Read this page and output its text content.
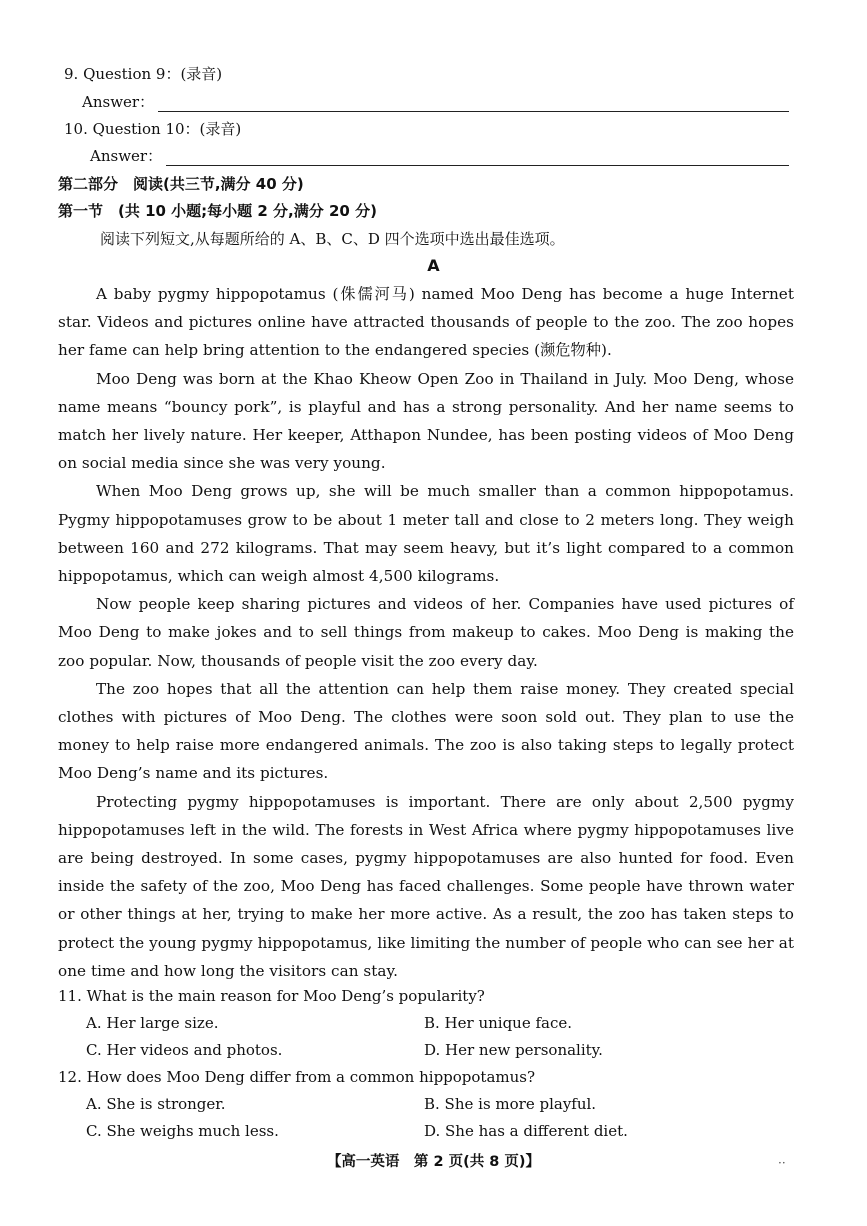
9. Question 9：(录音)
Answer：
10. Question 10：(录音)
Answer：
第二部分　阅读(共三节,满分 40 分)
第一节　(共 10 小题;每小题 2 分,满分 20 分)
阅读下列短文,从每题所给的 A、B、C、D 四个选项中选出最佳选项。
A

A baby pygmy hippopotamus (侏儒河马) named Moo Deng has become a huge Internet star. Videos and pictures online have attracted thousands of people to the zoo. The zoo hopes her fame can help bring attention to the endangered species (濒危物种).

Moo Deng was born at the Khao Kheow Open Zoo in Thailand in July. Moo Deng, whose name means “bouncy pork”, is playful and has a strong personality. And her name seems to match her lively nature. Her keeper, Atthapon Nundee, has been posting videos of Moo Deng on social media since she was very young.

When Moo Deng grows up, she will be much smaller than a common hippopotamus. Pygmy hippopotamuses grow to be about 1 meter tall and close to 2 meters long. They weigh between 160 and 272 kilograms. That may seem heavy, but it’s light compared to a common hippopotamus, which can weigh almost 4,500 kilograms.

Now people keep sharing pictures and videos of her. Companies have used pictures of Moo Deng to make jokes and to sell things from makeup to cakes. Moo Deng is making the zoo popular. Now, thousands of people visit the zoo every day.

The zoo hopes that all the attention can help them raise money. They created special clothes with pictures of Moo Deng. The clothes were soon sold out. They plan to use the money to help raise more endangered animals. The zoo is also taking steps to legally protect Moo Deng’s name and its pictures.

Protecting pygmy hippopotamuses is important. There are only about 2,500 pygmy hippopotamuses left in the wild. The forests in West Africa where pygmy hippopotamuses live are being destroyed. In some cases, pygmy hippopotamuses are also hunted for food. Even inside the safety of the zoo, Moo Deng has faced challenges. Some people have thrown water or other things at her, trying to make her more active. As a result, the zoo has taken steps to protect the young pygmy hippopotamus, like limiting the number of people who can see her at one time and how long the visitors can stay.

11. What is the main reason for Moo Deng’s popularity?
A. Her large size.	B. Her unique face.
C. Her videos and photos.	D. Her new personality.
12. How does Moo Deng differ from a common hippopotamus?
A. She is stronger.	B. She is more playful.
C. She weighs much less.	D. She has a different diet.
【高一英语　第 2 页(共 8 页)】	··
